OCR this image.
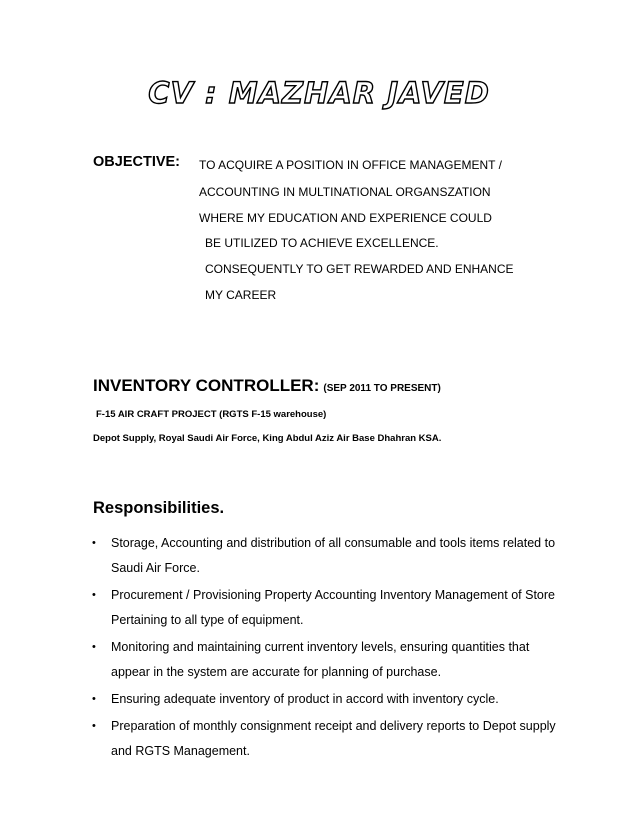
CV : MAZHAR JAVED
OBJECTIVE: TO ACQUIRE A POSITION IN OFFICE MANAGEMENT /
ACCOUNTING IN MULTINATIONAL ORGANSZATION
WHERE MY EDUCATION AND EXPERIENCE COULD
BE UTILIZED TO ACHIEVE EXCELLENCE.
CONSEQUENTLY TO GET REWARDED AND ENHANCE
MY CAREER
INVENTORY CONTROLLER: (SEP 2011 TO PRESENT)
F-15 AIR CRAFT PROJECT (RGTS F-15 warehouse)
Depot Supply, Royal Saudi Air Force, King Abdul Aziz Air Base Dhahran KSA.
Responsibilities.
• Storage, Accounting and distribution of all consumable and tools items related to Saudi Air Force.
• Procurement / Provisioning Property Accounting Inventory Management of Store Pertaining to all type of equipment.
• Monitoring and maintaining current inventory levels, ensuring quantities that appear in the system are accurate for planning of purchase.
• Ensuring adequate inventory of product in accord with inventory cycle.
• Preparation of monthly consignment receipt and delivery reports to Depot supply and RGTS Management.
